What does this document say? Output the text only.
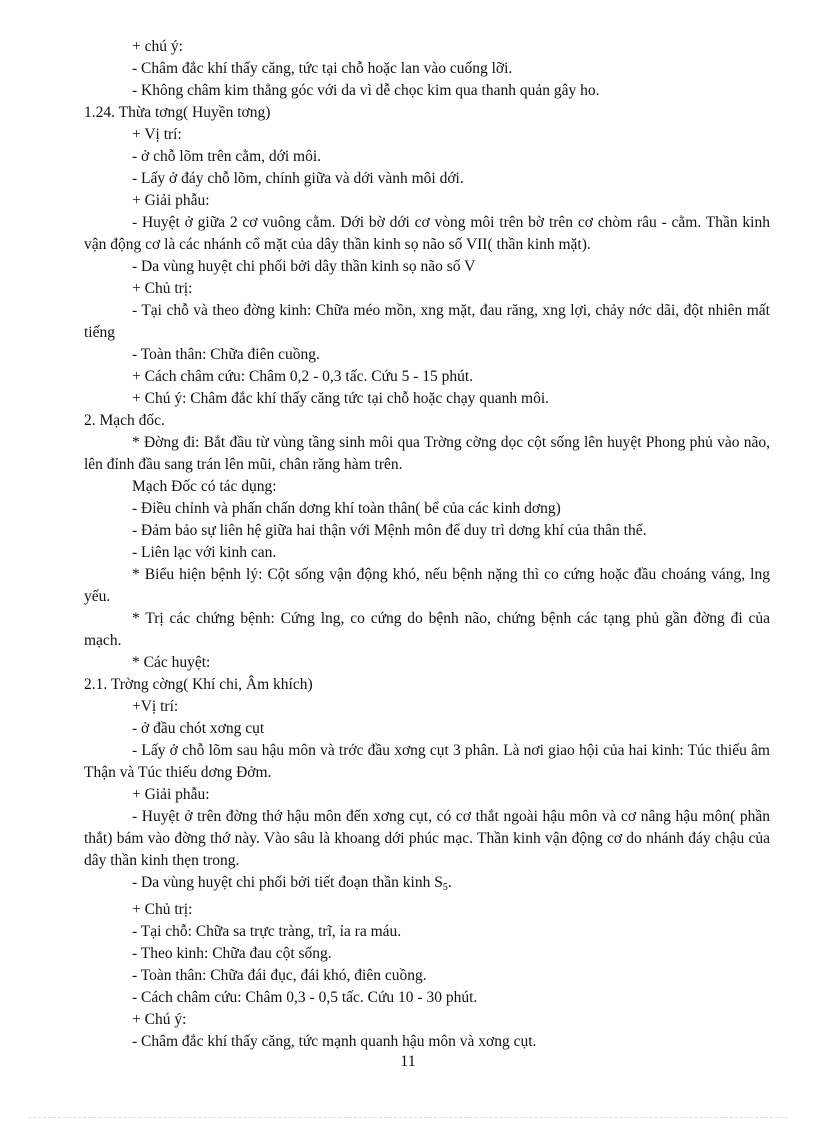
+ chú ý:
- Châm đắc khí thấy căng, tức tại chỗ hoặc lan vào cuống lỡi.
- Không châm kim thẳng góc với da vì dễ chọc kim qua thanh quản gây ho.
1.24. Thừa tơng( Huyền tơng)
+ Vị trí:
- ở chỗ lõm trên cằm, dới môi.
- Lấy ở đáy chỗ lõm, chính giữa và dới vành môi dới.
+ Giải phẫu:
- Huyệt ở giữa 2 cơ vuông cằm. Dới bờ dới cơ vòng môi trên bờ trên cơ chòm râu - cằm. Thần kinh vận động cơ là các nhánh cổ mặt của dây thần kinh sọ não số VII( thần kinh mặt).
- Da vùng huyệt chi phối bởi dây thần kinh sọ não số V
+ Chủ trị:
- Tại chỗ và theo đờng kinh: Chữa méo mồn, xng mặt, đau răng, xng lợi, chảy nớc dãi, đột nhiên mất tiếng
- Toàn thân: Chữa điên cuồng.
+ Cách châm cứu: Châm 0,2 - 0,3 tấc. Cứu 5 - 15 phút.
+ Chú ý: Châm đắc khí thấy căng tức tại chỗ hoặc chạy quanh môi.
2. Mạch đốc.
* Đờng đi: Bắt đầu từ vùng tầng sinh môi qua Trờng cờng dọc cột sống lên huyệt Phong phủ vào não, lên đỉnh đầu sang trán lên mũi, chân răng hàm trên.
Mạch Đốc có tác dụng:
- Điều chỉnh và phấn chấn dơng khí toàn thân( bể của các kinh dơng)
- Đảm bảo sự liên hệ giữa hai thận với Mệnh môn để duy trì dơng khí của thân thể.
- Liên lạc với kinh can.
* Biểu hiện bệnh lý: Cột sống vận động khó, nếu bệnh nặng thì co cứng hoặc đầu choáng váng, lng yếu.
* Trị các chứng bệnh: Cứng lng, co cứng do bệnh não, chứng bệnh các tạng phủ gần đờng đi của mạch.
* Các huyệt:
2.1. Trờng cờng( Khí chi, Âm khích)
+Vị trí:
- ở đầu chót xơng cụt
- Lấy ở chỗ lõm sau hậu môn và trớc đầu xơng cụt 3 phân. Là nơi giao hội của hai kinh: Túc thiếu âm Thận và Túc thiếu dơng Đởm.
+ Giải phẫu:
- Huyệt ở trên đờng thớ hậu môn đến xơng cụt, có cơ thắt ngoài hậu môn và cơ nâng hậu môn( phần thắt) bám vào đờng thớ này. Vào sâu là khoang dới phúc mạc. Thần kinh vận động cơ do nhánh đáy chậu của dây thần kinh thẹn trong.
- Da vùng huyệt chi phối bởi tiết đoạn thần kinh $S_5$.
+ Chủ trị:
- Tại chỗ: Chữa sa trực tràng, trĩ, ỉa ra máu.
- Theo kinh: Chữa đau cột sống.
- Toàn thân: Chữa đái đục, đái khó, điên cuồng.
- Cách châm cứu: Châm 0,3 - 0,5 tấc. Cứu 10 - 30 phút.
+ Chú ý:
- Châm đắc khí thấy căng, tức mạnh quanh hậu môn và xơng cụt.
11
